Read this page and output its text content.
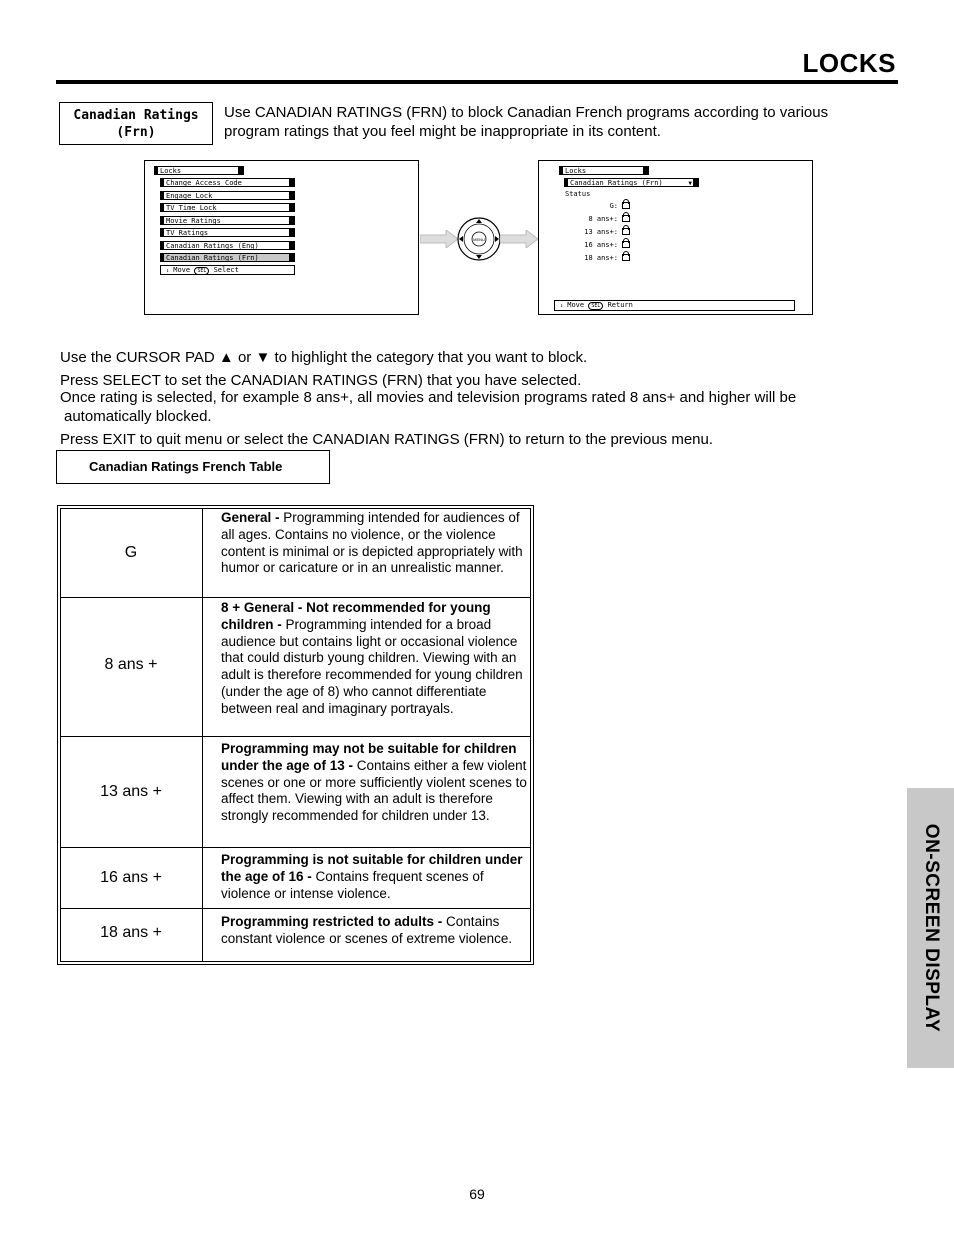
LOCKS
Canadian Ratings (Frn)
Use CANADIAN RATINGS (FRN) to block Canadian French programs according to various program ratings that you feel might be inappropriate in its content.
Locks
Change Access Code
Engage Lock
TV Time Lock
Movie Ratings
TV Ratings
Canadian Ratings (Eng)
Canadian Ratings (Frn)
↕ Move SEL Select
MENU
Locks
Canadian Ratings (Frn)	▼
Status
G:
8 ans+:
13 ans+:
16 ans+:
18 ans+:
↕ Move SEL Return
Use the CURSOR PAD ▲ or ▼ to highlight the category that you want to block.
Press SELECT to set the CANADIAN RATINGS (FRN) that you have selected.
Once rating is selected, for example 8 ans+, all movies and television programs rated 8 ans+ and higher will be
automatically blocked.
Press EXIT to quit menu or select the CANADIAN RATINGS (FRN) to return to the previous menu.
Canadian Ratings French Table
G
General - Programming intended for audiences of all ages. Contains no violence, or the violence content is minimal or is depicted appropriately with humor or caricature or in an unrealistic manner.
8 ans +
8 + General - Not recommended for young children - Programming intended for a broad audience but contains light or occasional violence that could disturb young children. Viewing with an adult is therefore recommended for young children (under the age of 8) who cannot differentiate between real and imaginary portrayals.
13 ans +
Programming may not be suitable for children under the age of 13 - Contains either a few violent scenes or one or more sufficiently violent scenes to affect them. Viewing with an adult is therefore strongly recommended for children under 13.
16 ans +
Programming is not suitable for children under the age of 16 - Contains frequent scenes of violence or intense violence.
18 ans +
Programming restricted to adults - Contains constant violence or scenes of extreme violence.	ON-SCREEN DISPLAY
69
